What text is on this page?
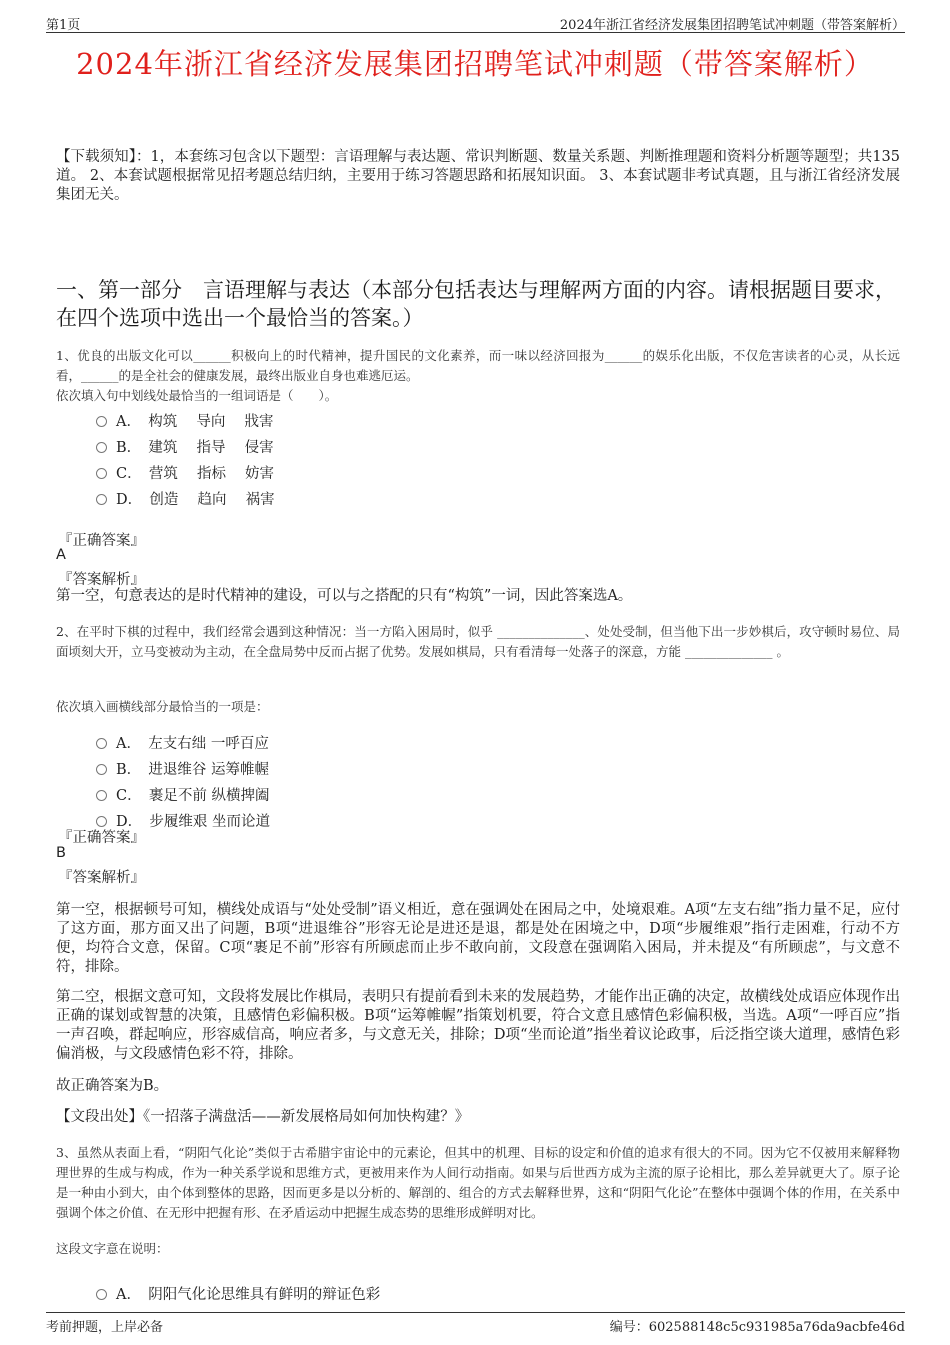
第1页	2024年浙江省经济发展集团招聘笔试冲刺题（带答案解析）
2024年浙江省经济发展集团招聘笔试冲刺题（带答案解析）
【下载须知】：1，本套练习包含以下题型：言语理解与表达题、常识判断题、数量关系题、判断推理题和资料分析题等题型；共135道。 2、本套试题根据常见招考题总结归纳，主要用于练习答题思路和拓展知识面。 3、本套试题非考试真题，且与浙江省经济发展集团无关。
一、第一部分　言语理解与表达（本部分包括表达与理解两方面的内容。请根据题目要求，在四个选项中选出一个最恰当的答案。）
1、优良的出版文化可以______积极向上的时代精神，提升国民的文化素养，而一味以经济回报为______的娱乐化出版，不仅危害读者的心灵，从长远看，______的是全社会的健康发展，最终出版业自身也难逃厄运。
依次填入句中划线处最恰当的一组词语是（　　）。
A．　构筑　 导向　 戕害
B．　建筑　 指导　 侵害
C．　营筑　 指标　 妨害
D．　创造　 趋向　 祸害
『正确答案』
A
『答案解析』
第一空，句意表达的是时代精神的建设，可以与之搭配的只有“构筑”一词，因此答案选A。
2、在平时下棋的过程中，我们经常会遇到这种情况：当一方陷入困局时，似乎 ______________、处处受制，但当他下出一步妙棋后，攻守顿时易位、局面顷刻大开，立马变被动为主动，在全盘局势中反而占据了优势。发展如棋局，只有看清每一处落子的深意，方能 ______________ 。
依次填入画横线部分最恰当的一项是：
A．　左支右绌 一呼百应
B．　进退维谷 运筹帷幄
C．　裹足不前 纵横捭阖
D．　步履维艰 坐而论道
『正确答案』
B
『答案解析』
第一空，根据顿号可知，横线处成语与“处处受制”语义相近，意在强调处在困局之中，处境艰难。A项“左支右绌”指力量不足，应付了这方面，那方面又出了问题，B项“进退维谷”形容无论是进还是退，都是处在困境之中，D项“步履维艰”指行走困难，行动不方便，均符合文意，保留。C项“裹足不前”形容有所顾虑而止步不敢向前，文段意在强调陷入困局，并未提及“有所顾虑”，与文意不符，排除。
第二空，根据文意可知，文段将发展比作棋局，表明只有提前看到未来的发展趋势，才能作出正确的决定，故横线处成语应体现作出正确的谋划或智慧的决策，且感情色彩偏积极。B项“运筹帷幄”指策划机要，符合文意且感情色彩偏积极，当选。A项“一呼百应”指一声召唤，群起响应，形容威信高，响应者多，与文意无关，排除；D项“坐而论道”指坐着议论政事，后泛指空谈大道理，感情色彩偏消极，与文段感情色彩不符，排除。
故正确答案为B。
【文段出处】《一招落子满盘活——新发展格局如何加快构建？》
3、虽然从表面上看，“阴阳气化论”类似于古希腊宇宙论中的元素论，但其中的机理、目标的设定和价值的追求有很大的不同。因为它不仅被用来解释物理世界的生成与构成，作为一种关系学说和思维方式，更被用来作为人间行动指南。如果与后世西方成为主流的原子论相比，那么差异就更大了。原子论是一种由小到大，由个体到整体的思路，因而更多是以分析的、解剖的、组合的方式去解释世界，这和“阴阳气化论”在整体中强调个体的作用，在关系中强调个体之价值、在无形中把握有形、在矛盾运动中把握生成态势的思维形成鲜明对比。
这段文字意在说明：
A．　阴阳气化论思维具有鲜明的辩证色彩
考前押题，上岸必备	编号：602588148c5c931985a76da9acbfe46d
